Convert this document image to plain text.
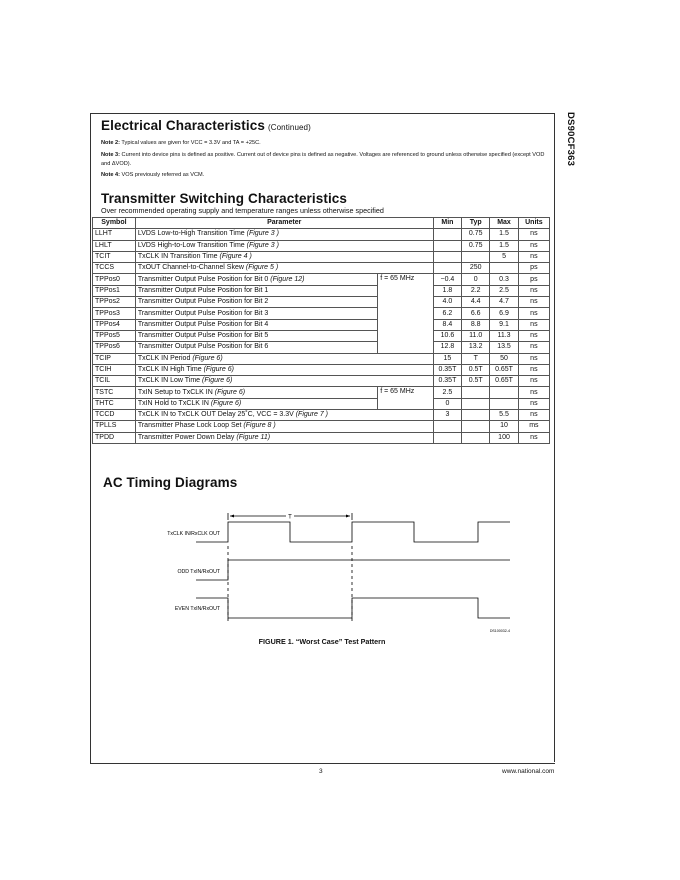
DS90CF363
Electrical Characteristics (Continued)

Note 2: Typical values are given for VCC = 3.3V and TA = +25C.

Note 3: Current into device pins is defined as positive. Current out of device pins is defined as negative. Voltages are referenced to ground unless otherwise specified (except VOD and ΔVOD).

Note 4: VOS previously referred as VCM.

Transmitter Switching Characteristics
Over recommended operating supply and temperature ranges unless otherwise specified
Symbol	Parameter		Min	Typ	Max	Units
LLHT	LVDS Low-to-High Transition Time (Figure 3 )			0.75	1.5	ns
LHLT	LVDS High-to-Low Transition Time (Figure 3 )			0.75	1.5	ns
TCIT	TxCLK IN Transition Time (Figure 4 )				5	ns
TCCS	TxOUT Channel-to-Channel Skew (Figure 5 )			250		ps
TPPos0	Transmitter Output Pulse Position for Bit 0 (Figure 12)	f = 65 MHz	−0.4	0	0.3	ps
TPPos1	Transmitter Output Pulse Position for Bit 1		1.8	2.2	2.5	ns
TPPos2	Transmitter Output Pulse Position for Bit 2		4.0	4.4	4.7	ns
TPPos3	Transmitter Output Pulse Position for Bit 3		6.2	6.6	6.9	ns
TPPos4	Transmitter Output Pulse Position for Bit 4		8.4	8.8	9.1	ns
TPPos5	Transmitter Output Pulse Position for Bit 5		10.6	11.0	11.3	ns
TPPos6	Transmitter Output Pulse Position for Bit 6		12.8	13.2	13.5	ns
TCIP	TxCLK IN Period (Figure 6)		15	T	50	ns
TCIH	TxCLK IN High Time (Figure 6)		0.35T	0.5T	0.65T	ns
TCIL	TxCLK IN Low Time (Figure 6)		0.35T	0.5T	0.65T	ns
TSTC	TxIN Setup to TxCLK IN (Figure 6)	f = 65 MHz	2.5			ns
THTC	TxIN Hold to TxCLK IN (Figure 6)		0			ns
TCCD	TxCLK IN to TxCLK OUT Delay 25˚C, VCC = 3.3V (Figure 7 )		3		5.5	ns
TPLLS	Transmitter Phase Lock Loop Set (Figure 8 )				10	ms
TPDD	Transmitter Power Down Delay (Figure 11)				100	ns
AC Timing Diagrams
T
TxCLK IN/RxCLK OUT
ODD TxIN/RxOUT
EVEN TxIN/RxOUT
DS100032-4
FIGURE 1. “Worst Case” Test Pattern
3	www.national.com
